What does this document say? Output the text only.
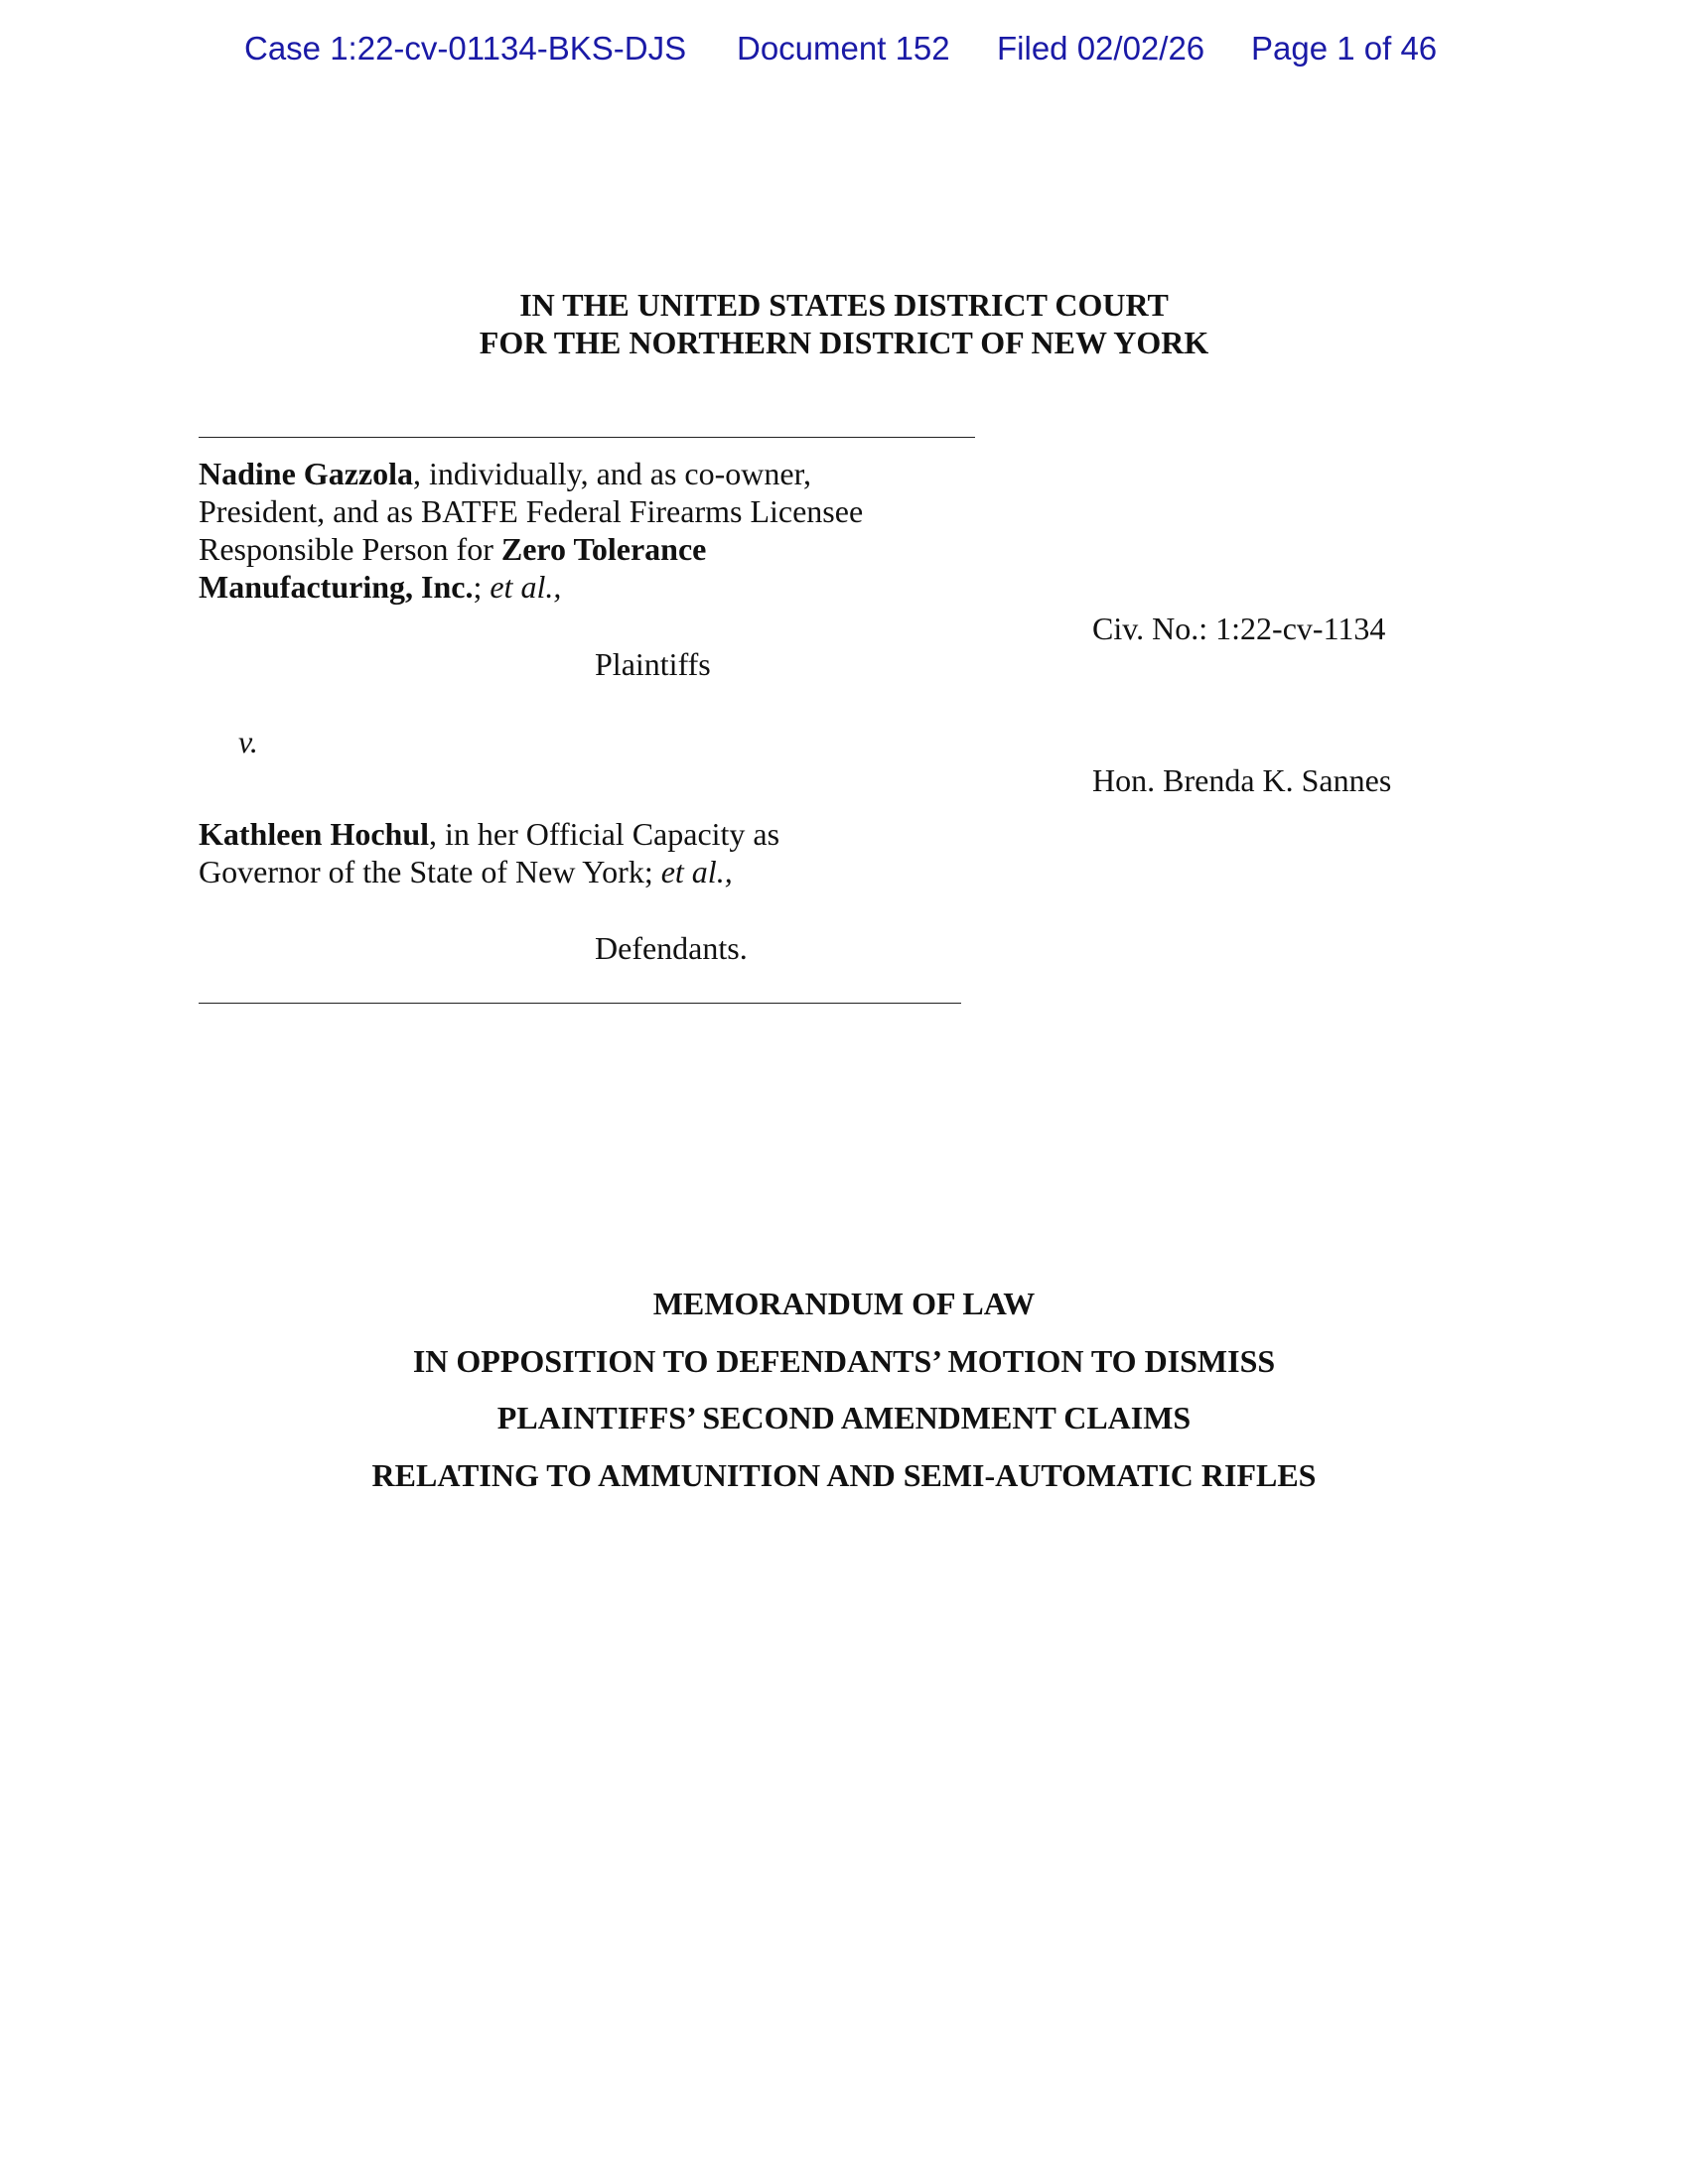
Case 1:22-cv-01134-BKS-DJS Document 152 Filed 02/02/26 Page 1 of 46
IN THE UNITED STATES DISTRICT COURT
FOR THE NORTHERN DISTRICT OF NEW YORK
Nadine Gazzola, individually, and as co-owner,
President, and as BATFE Federal Firearms Licensee
Responsible Person for Zero Tolerance
Manufacturing, Inc.; et al.,
Plaintiffs
v.
Kathleen Hochul, in her Official Capacity as
Governor of the State of New York; et al.,
Defendants.
Civ. No.: 1:22-cv-1134
Hon. Brenda K. Sannes
MEMORANDUM OF LAW
IN OPPOSITION TO DEFENDANTS’ MOTION TO DISMISS
PLAINTIFFS’ SECOND AMENDMENT CLAIMS
RELATING TO AMMUNITION AND SEMI-AUTOMATIC RIFLES
